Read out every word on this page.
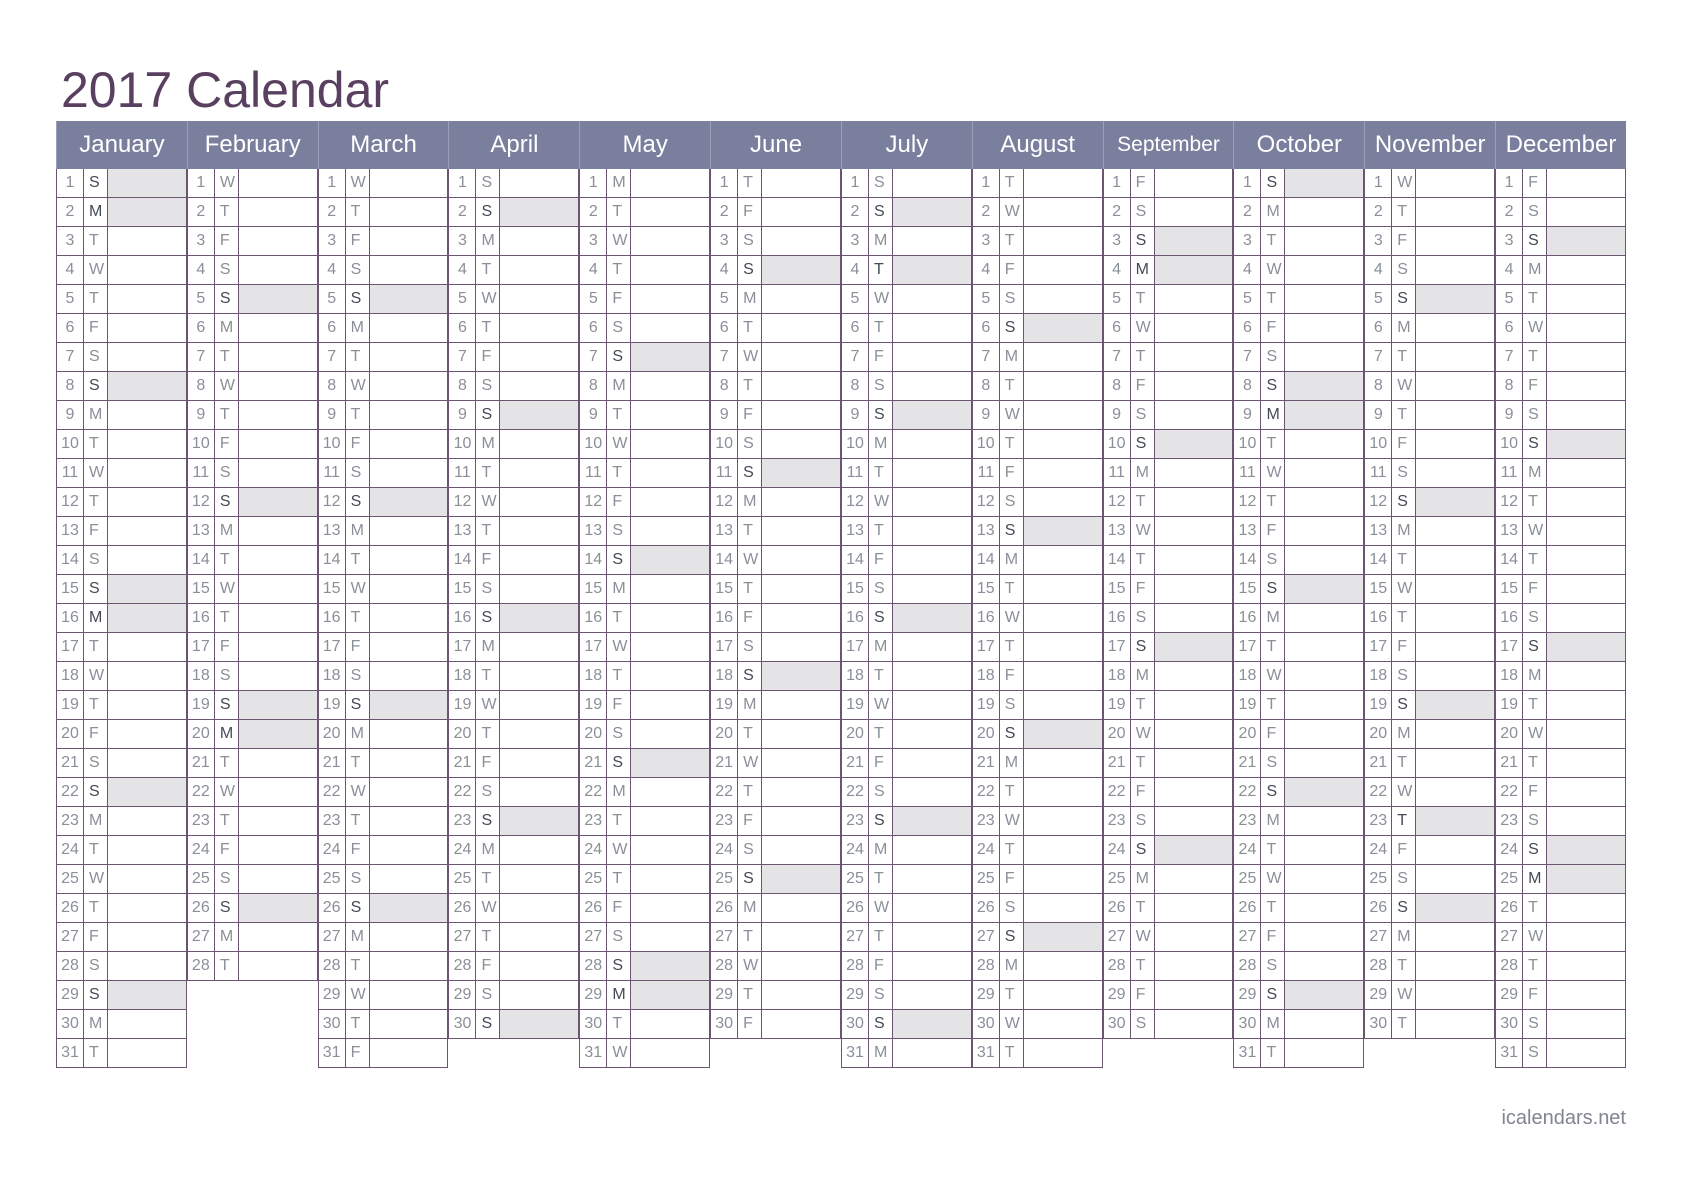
2017 Calendar
January
1 S
2 M
3 T
4 W
5 T
6 F
7 S
8 S
9 M
10 T
11 W
12 T
13 F
14 S
15 S
16 M
17 T
18 W
19 T
20 F
21 S
22 S
23 M
24 T
25 W
26 T
27 F
28 S
29 S
30 M
31 T
February
1 W
2 T
3 F
4 S
5 S
6 M
7 T
8 W
9 T
10 F
11 S
12 S
13 M
14 T
15 W
16 T
17 F
18 S
19 S
20 M
21 T
22 W
23 T
24 F
25 S
26 S
27 M
28 T
March
1 W
2 T
3 F
4 S
5 S
6 M
7 T
8 W
9 T
10 F
11 S
12 S
13 M
14 T
15 W
16 T
17 F
18 S
19 S
20 M
21 T
22 W
23 T
24 F
25 S
26 S
27 M
28 T
29 W
30 T
31 F
April
1 S
2 S
3 M
4 T
5 W
6 T
7 F
8 S
9 S
10 M
11 T
12 W
13 T
14 F
15 S
16 S
17 M
18 T
19 W
20 T
21 F
22 S
23 S
24 M
25 T
26 W
27 T
28 F
29 S
30 S
May
1 M
2 T
3 W
4 T
5 F
6 S
7 S
8 M
9 T
10 W
11 T
12 F
13 S
14 S
15 M
16 T
17 W
18 T
19 F
20 S
21 S
22 M
23 T
24 W
25 T
26 F
27 S
28 S
29 M
30 T
31 W
June
1 T
2 F
3 S
4 S
5 M
6 T
7 W
8 T
9 F
10 S
11 S
12 M
13 T
14 W
15 T
16 F
17 S
18 S
19 M
20 T
21 W
22 T
23 F
24 S
25 S
26 M
27 T
28 W
29 T
30 F
July
1 S
2 S
3 M
4 T
5 W
6 T
7 F
8 S
9 S
10 M
11 T
12 W
13 T
14 F
15 S
16 S
17 M
18 T
19 W
20 T
21 F
22 S
23 S
24 M
25 T
26 W
27 T
28 F
29 S
30 S
31 M
August
1 T
2 W
3 T
4 F
5 S
6 S
7 M
8 T
9 W
10 T
11 F
12 S
13 S
14 M
15 T
16 W
17 T
18 F
19 S
20 S
21 M
22 T
23 W
24 T
25 F
26 S
27 S
28 M
29 T
30 W
31 T
September
1 F
2 S
3 S
4 M
5 T
6 W
7 T
8 F
9 S
10 S
11 M
12 T
13 W
14 T
15 F
16 S
17 S
18 M
19 T
20 W
21 T
22 F
23 S
24 S
25 M
26 T
27 W
28 T
29 F
30 S
October
1 S
2 M
3 T
4 W
5 T
6 F
7 S
8 S
9 M
10 T
11 W
12 T
13 F
14 S
15 S
16 M
17 T
18 W
19 T
20 F
21 S
22 S
23 M
24 T
25 W
26 T
27 F
28 S
29 S
30 M
31 T
November
1 W
2 T
3 F
4 S
5 S
6 M
7 T
8 W
9 T
10 F
11 S
12 S
13 M
14 T
15 W
16 T
17 F
18 S
19 S
20 M
21 T
22 W
23 T
24 F
25 S
26 S
27 M
28 T
29 W
30 T
December
1 F
2 S
3 S
4 M
5 T
6 W
7 T
8 F
9 S
10 S
11 M
12 T
13 W
14 T
15 F
16 S
17 S
18 M
19 T
20 W
21 T
22 F
23 S
24 S
25 M
26 T
27 W
28 T
29 F
30 S
31 S
icalendars.net
